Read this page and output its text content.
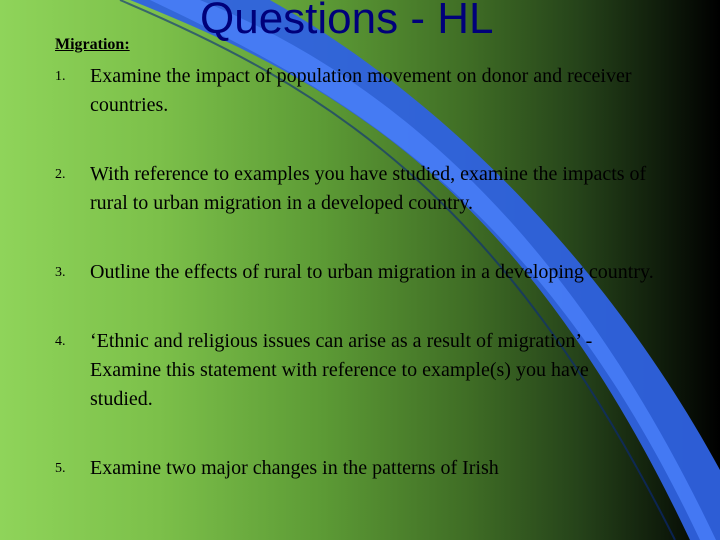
Migration:
Questions - HL
1. Examine the impact of population movement on donor and receiver countries.
2. With reference to examples you have studied, examine the impacts of rural to urban migration in a developed country.
3. Outline the effects of rural to urban migration in a developing country.
4. ‘Ethnic and religious issues can arise as a result of migration’ - Examine this statement with reference to example(s) you have studied.
5. Examine two major changes in the patterns of Irish
